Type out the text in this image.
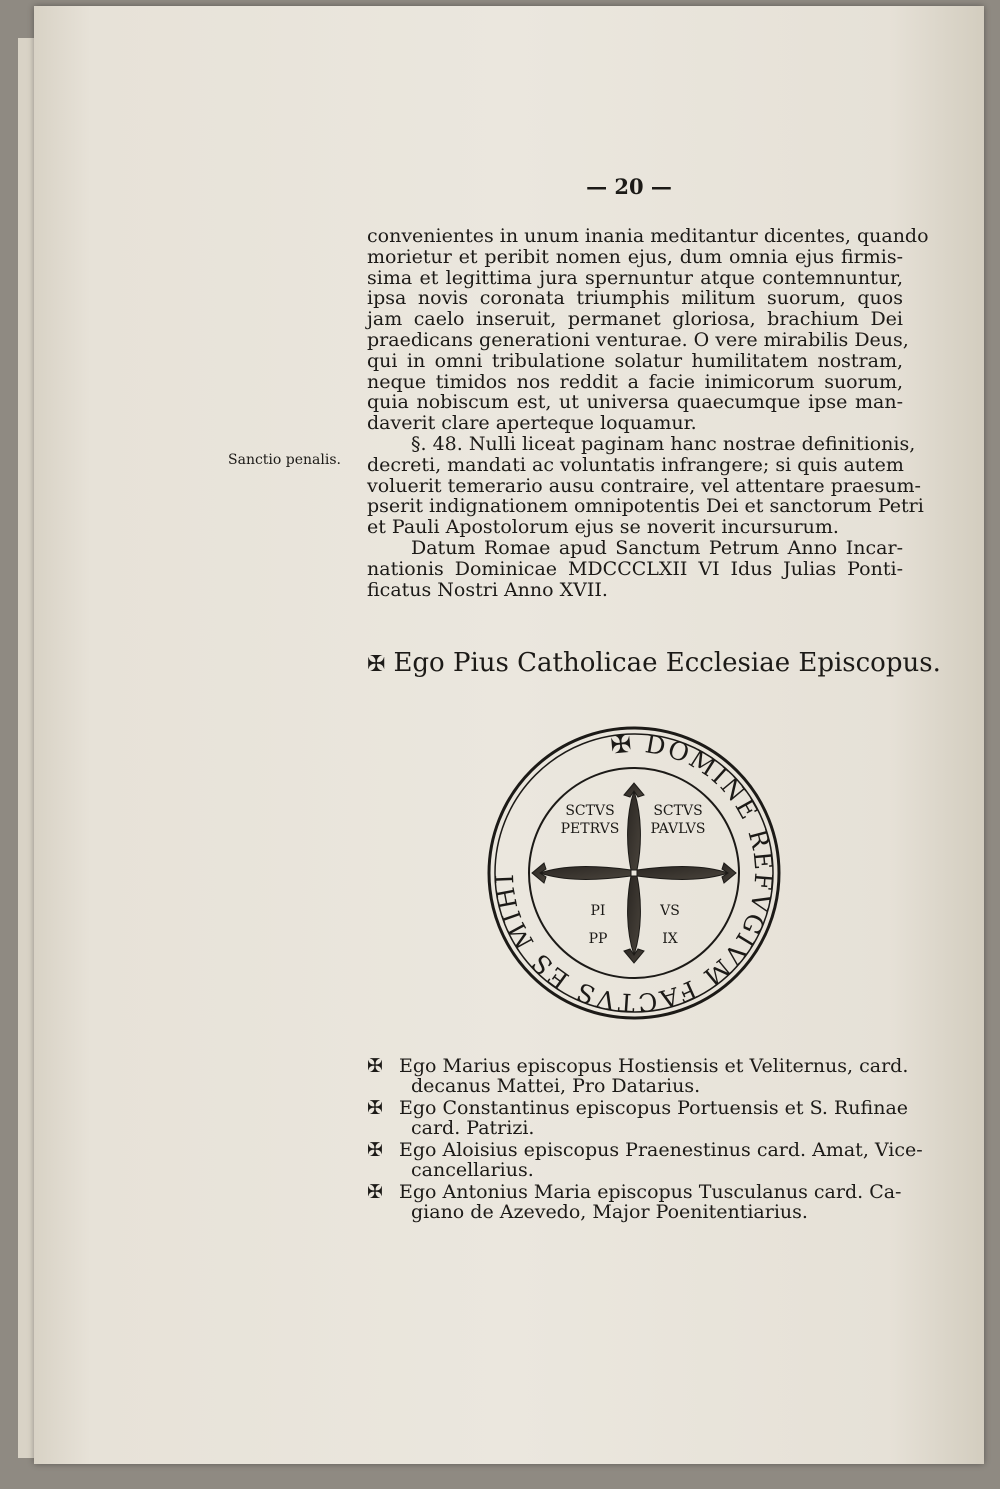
— 20 —
Sanctio penalis.
convenientes in unum inania meditantur dicentes, quando
morietur et peribit nomen ejus, dum omnia ejus firmis-
sima et legittima jura spernuntur atque contemnuntur,
ipsa novis coronata triumphis militum suorum, quos
jam caelo inseruit, permanet gloriosa, brachium Dei
praedicans generationi venturae. O vere mirabilis Deus,
qui in omni tribulatione solatur humilitatem nostram,
neque timidos nos reddit a facie inimicorum suorum,
quia nobiscum est, ut universa quaecumque ipse man-
daverit clare aperteque loquamur.
§. 48. Nulli liceat paginam hanc nostrae definitionis,
decreti, mandati ac voluntatis infrangere; si quis autem
voluerit temerario ausu contraire, vel attentare praesum-
pserit indignationem omnipotentis Dei et sanctorum Petri
et Pauli Apostolorum ejus se noverit incursurum.
Datum Romae apud Sanctum Petrum Anno Incar-
nationis Dominicae MDCCCLXII VI Idus Julias Ponti-
ficatus Nostri Anno XVII.
✠ Ego Pius Catholicae Ecclesiae Episcopus.
✠ DOMINE REFVGIVM FACTVS ES MIHI
SCTVS
PETRVS
SCTVS
PAVLVS
PI
PP
VS
IX
✠ Ego Marius episcopus Hostiensis et Veliternus, card.
decanus Mattei, Pro Datarius.
✠ Ego Constantinus episcopus Portuensis et S. Rufinae
card. Patrizi.
✠ Ego Aloisius episcopus Praenestinus card. Amat, Vice-
cancellarius.
✠ Ego Antonius Maria episcopus Tusculanus card. Ca-
giano de Azevedo, Major Poenitentiarius.
